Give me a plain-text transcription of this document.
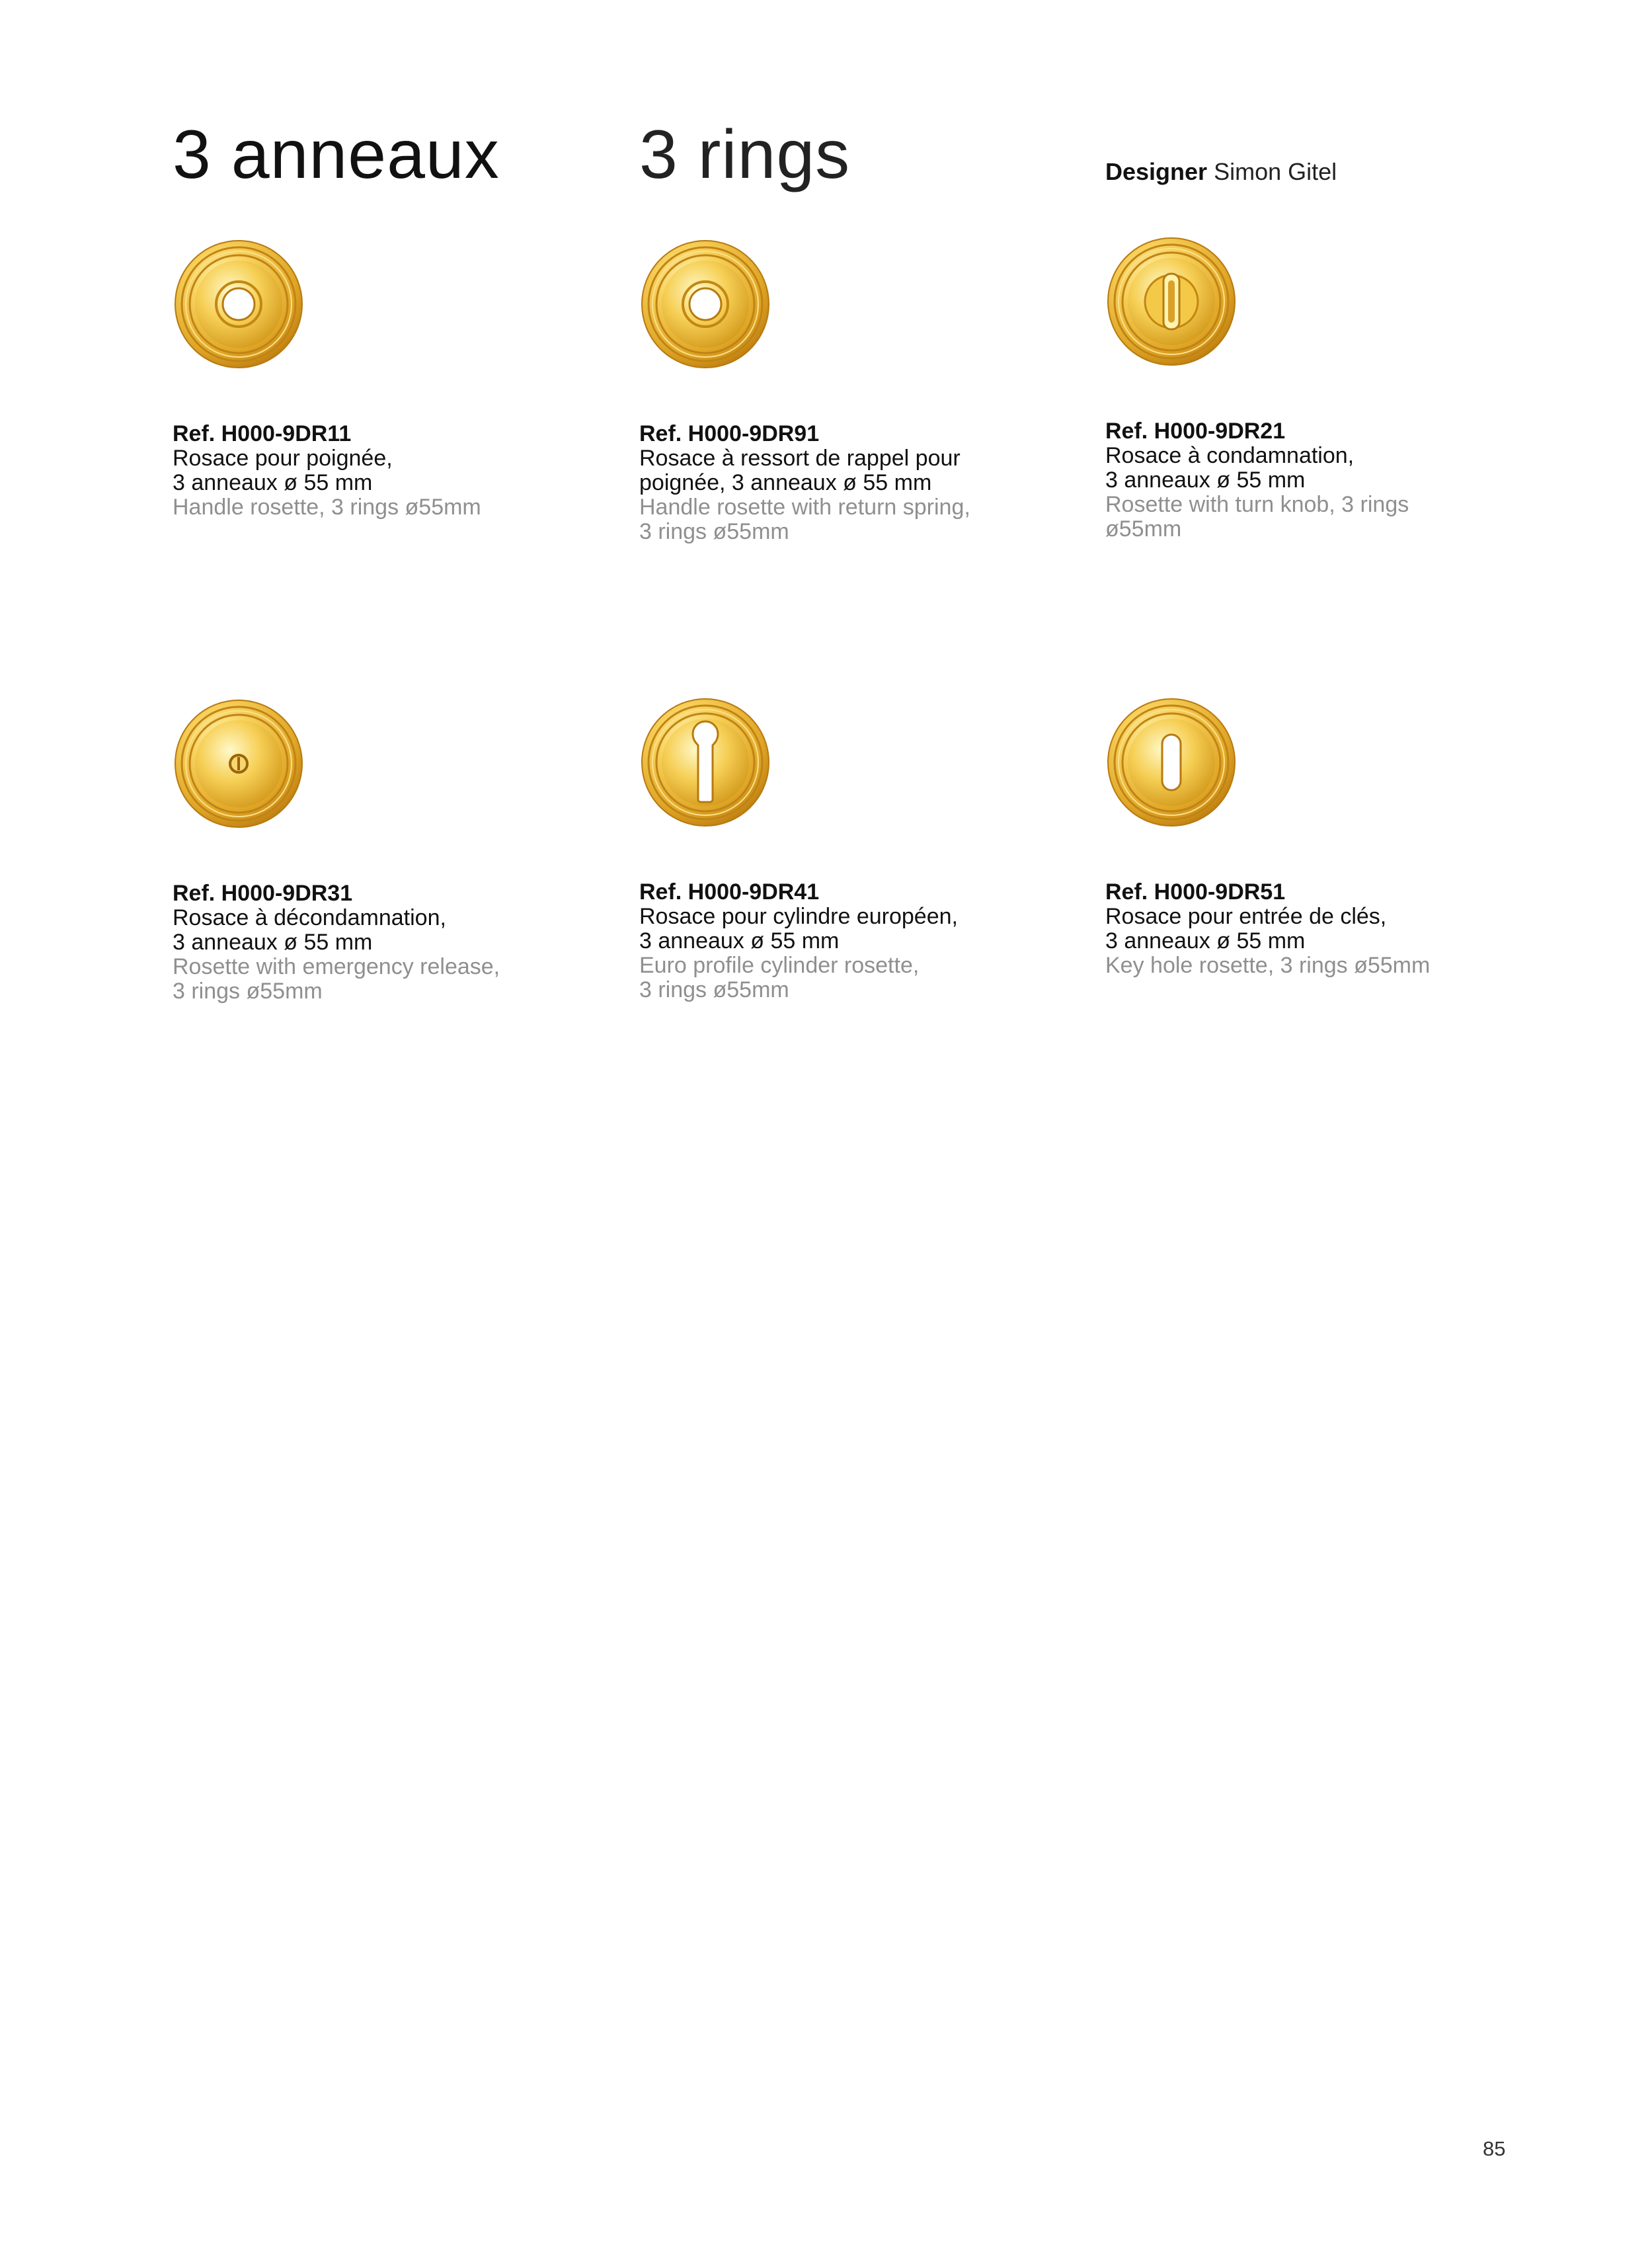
3 anneaux 3 rings	Designer Simon Gitel
Ref. H000-9DR11
Rosace pour poignée,
3 anneaux ø 55 mm
Handle rosette, 3 rings ø55mm
Ref. H000-9DR91
Rosace à ressort de rappel pour
poignée, 3 anneaux ø 55 mm
Handle rosette with return spring,
3 rings ø55mm
Ref. H000-9DR21
Rosace à condamnation,
3 anneaux ø 55 mm
Rosette with turn knob, 3 rings
ø55mm
Ref. H000-9DR31
Rosace à décondamnation,
3 anneaux ø 55 mm
Rosette with emergency release,
3 rings ø55mm
Ref. H000-9DR41
Rosace pour cylindre européen,
3 anneaux ø 55 mm
Euro profile cylinder rosette,
3 rings ø55mm
Ref. H000-9DR51
Rosace pour entrée de clés,
3 anneaux ø 55 mm
Key hole rosette, 3 rings ø55mm
85
